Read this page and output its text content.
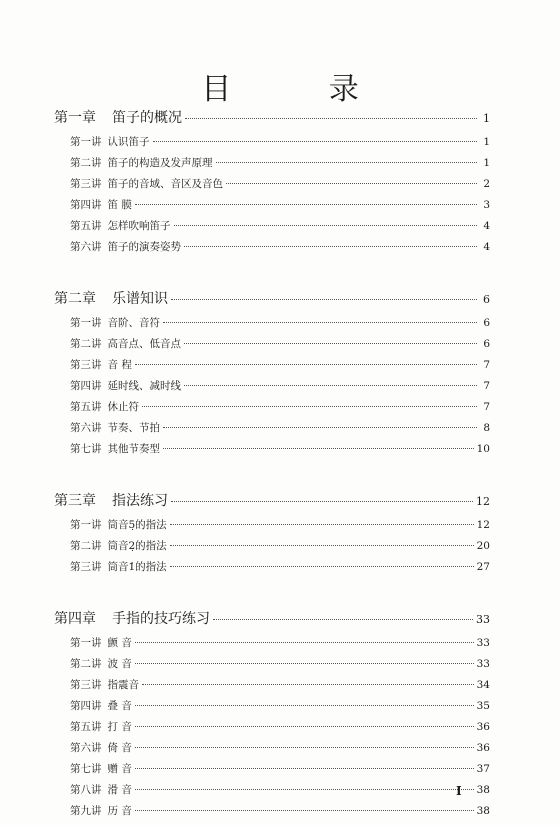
目 录
第一章 笛子的概况	1
第一讲 认识笛子	1
第二讲 笛子的构造及发声原理	1
第三讲 笛子的音域、音区及音色	2
第四讲 笛 膜	3
第五讲 怎样吹响笛子	4
第六讲 笛子的演奏姿势	4
第二章 乐谱知识	6
第一讲 音阶、音符	6
第二讲 高音点、低音点	6
第三讲 音 程	7
第四讲 延时线、减时线	7
第五讲 休止符	7
第六讲 节奏、节拍	8
第七讲 其他节奏型	10
第三章 指法练习	12
第一讲 筒音5̣的指法	12
第二讲 筒音2̣的指法	20
第三讲 筒音1̇的指法	27
第四章 手指的技巧练习	33
第一讲 颤 音	33
第二讲 波 音	33
第三讲 指震音	34
第四讲 叠 音	35
第五讲 打 音	36
第六讲 倚 音	36
第七讲 赠 音	37
第八讲 滑 音	38
第九讲 历 音	38
I
